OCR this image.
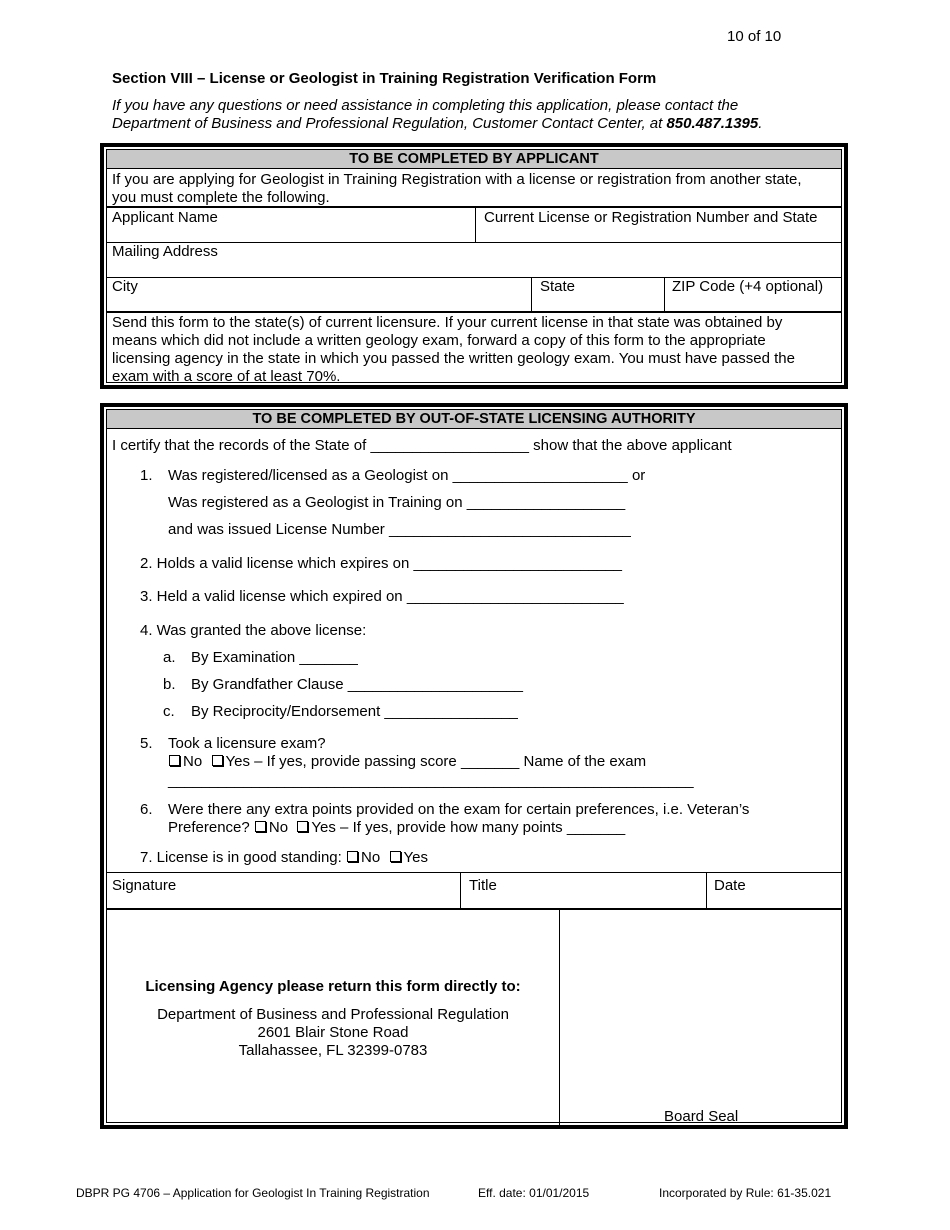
10 of 10
Section VIII – License or Geologist in Training Registration Verification Form
If you have any questions or need assistance in completing this application, please contact the
Department of Business and Professional Regulation, Customer Contact Center, at 850.487.1395.
TO BE COMPLETED BY APPLICANT
If you are applying for Geologist in Training Registration with a license or registration from another state,
you must complete the following.
Applicant Name	Current License or Registration Number and State
Mailing Address
City	State	ZIP Code (+4 optional)
Send this form to the state(s) of current licensure. If your current license in that state was obtained by
means which did not include a written geology exam, forward a copy of this form to the appropriate
licensing agency in the state in which you passed the written geology exam. You must have passed the
exam with a score of at least 70%.
TO BE COMPLETED BY OUT-OF-STATE LICENSING AUTHORITY
I certify that the records of the State of ___________________ show that the above applicant
1. Was registered/licensed as a Geologist on _____________________ or
Was registered as a Geologist in Training on ___________________
and was issued License Number _____________________________
2. Holds a valid license which expires on _________________________
3. Held a valid license which expired on __________________________
4. Was granted the above license:
a. By Examination _______
b. By Grandfather Clause _____________________
c. By Reciprocity/Endorsement ________________
5. Took a licensure exam?
No Yes – If yes, provide passing score _______ Name of the exam
_______________________________________________________________
6. Were there any extra points provided on the exam for certain preferences, i.e. Veteran’s
Preference? No Yes – If yes, provide how many points _______
7. License is in good standing: No Yes
Signature	Title	Date
Licensing Agency please return this form directly to:
Department of Business and Professional Regulation
2601 Blair Stone Road
Tallahassee, FL 32399-0783
Board Seal
DBPR PG 4706 – Application for Geologist In Training Registration	Eff. date: 01/01/2015	Incorporated by Rule: 61-35.021
